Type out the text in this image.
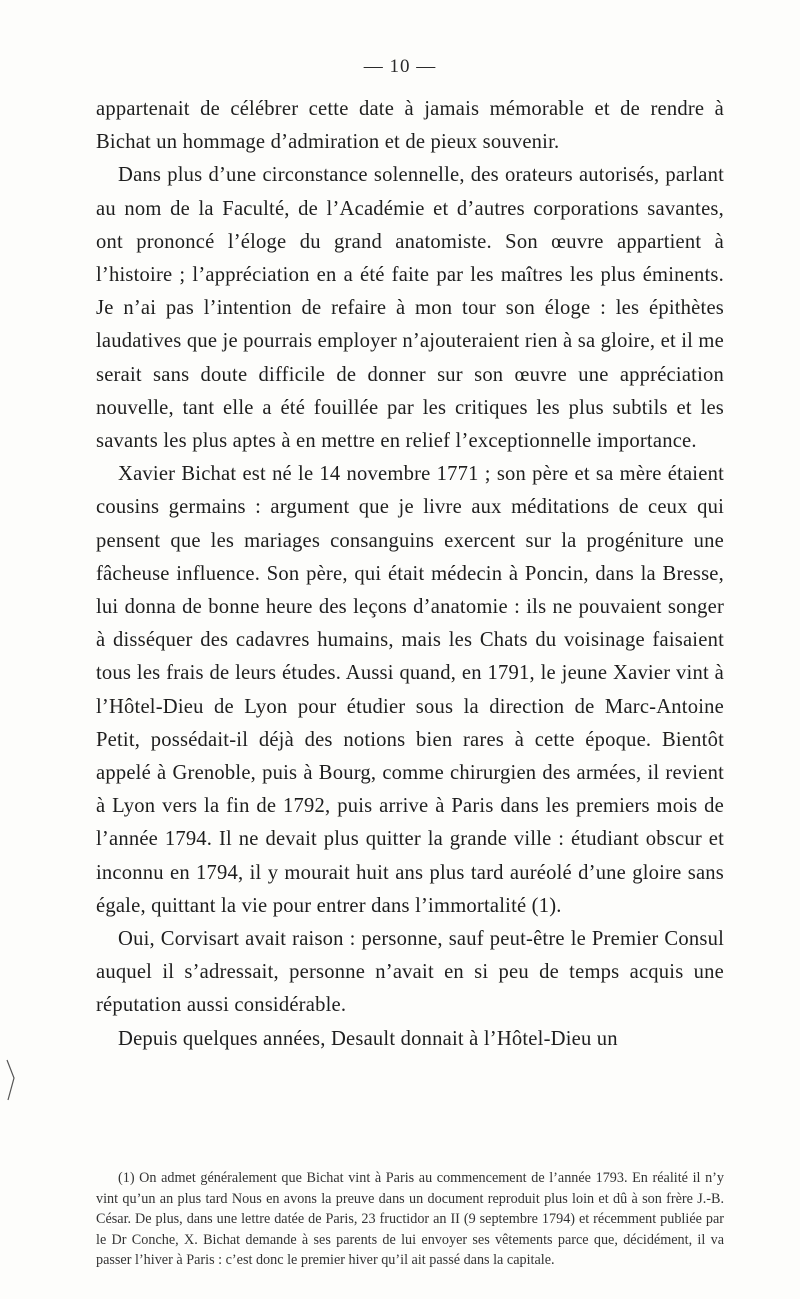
— 10 —

appartenait de célébrer cette date à jamais mémorable et de rendre à Bichat un hommage d’admiration et de pieux souvenir.

Dans plus d’une circonstance solennelle, des orateurs autorisés, parlant au nom de la Faculté, de l’Académie et d’autres corporations savantes, ont prononcé l’éloge du grand anatomiste. Son œuvre appartient à l’histoire ; l’appréciation en a été faite par les maîtres les plus éminents. Je n’ai pas l’intention de refaire à mon tour son éloge : les épithètes laudatives que je pourrais employer n’ajouteraient rien à sa gloire, et il me serait sans doute difficile de donner sur son œuvre une appréciation nouvelle, tant elle a été fouillée par les critiques les plus subtils et les savants les plus aptes à en mettre en relief l’exceptionnelle importance.

Xavier Bichat est né le 14 novembre 1771 ; son père et sa mère étaient cousins germains : argument que je livre aux méditations de ceux qui pensent que les mariages consanguins exercent sur la progéniture une fâcheuse influence. Son père, qui était médecin à Poncin, dans la Bresse, lui donna de bonne heure des leçons d’anatomie : ils ne pouvaient songer à disséquer des cadavres humains, mais les Chats du voisinage faisaient tous les frais de leurs études. Aussi quand, en 1791, le jeune Xavier vint à l’Hôtel-Dieu de Lyon pour étudier sous la direction de Marc-Antoine Petit, possédait-il déjà des notions bien rares à cette époque. Bientôt appelé à Grenoble, puis à Bourg, comme chirurgien des armées, il revient à Lyon vers la fin de 1792, puis arrive à Paris dans les premiers mois de l’année 1794. Il ne devait plus quitter la grande ville : étudiant obscur et inconnu en 1794, il y mourait huit ans plus tard auréolé d’une gloire sans égale, quittant la vie pour entrer dans l’immortalité (1).

Oui, Corvisart avait raison : personne, sauf peut-être le Premier Consul auquel il s’adressait, personne n’avait en si peu de temps acquis une réputation aussi considérable.

Depuis quelques années, Desault donnait à l’Hôtel-Dieu un

(1) On admet généralement que Bichat vint à Paris au commencement de l’année 1793. En réalité il n’y vint qu’un an plus tard Nous en avons la preuve dans un document reproduit plus loin et dû à son frère J.-B. César. De plus, dans une lettre datée de Paris, 23 fructidor an II (9 septembre 1794) et récemment publiée par le Dr Conche, X. Bichat demande à ses parents de lui envoyer ses vêtements parce que, décidément, il va passer l’hiver à Paris : c’est donc le premier hiver qu’il ait passé dans la capitale.
